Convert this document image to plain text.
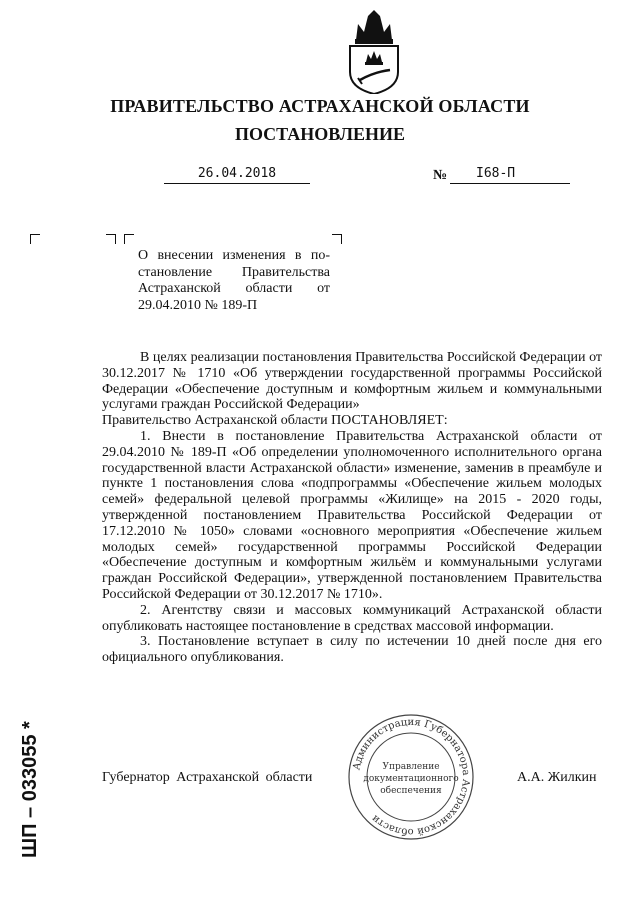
ПРАВИТЕЛЬСТВО АСТРАХАНСКОЙ ОБЛАСТИ
ПОСТАНОВЛЕНИЕ
26.04.2018	№	I68-П

О внесении изменения в по-

становление Правительства

Астраханской области от

29.04.2010 № 189-П

В целях реализации постановления Правительства Российской Федерации от 30.12.2017 № 1710 «Об утверждении государственной программы Российской Федерации «Обеспечение доступным и комфортным жильем и коммунальными услугами граждан Российской Федерации»

Правительство Астраханской области ПОСТАНОВЛЯЕТ:

1. Внести в постановление Правительства Астраханской области от 29.04.2010 № 189-П «Об определении уполномоченного исполнительного органа государственной власти Астраханской области» изменение, заменив в преамбуле и пункте 1 постановления слова «подпрограммы «Обеспечение жильем молодых семей» федеральной целевой программы «Жилище» на 2015 - 2020 годы, утвержденной постановлением Правительства Российской Федерации от 17.12.2010 № 1050» словами «основного мероприятия «Обеспечение жильем молодых семей» государственной программы Российской Федерации «Обеспечение доступным и комфортным жильём и коммунальными услугами граждан Российской Федерации», утвержденной постановлением Правительства Российской Федерации от 30.12.2017 № 1710».

2. Агентству связи и массовых коммуникаций Астраханской области опубликовать настоящее постановление в средствах массовой информации.

3. Постановление вступает в силу по истечении 10 дней после дня его официального опубликования.

Губернатор Астраханской области	А.А. Жилкин
Администрация Губернатора Астраханской области
Управление
документационного
обеспечения
ШП – 033055 *
